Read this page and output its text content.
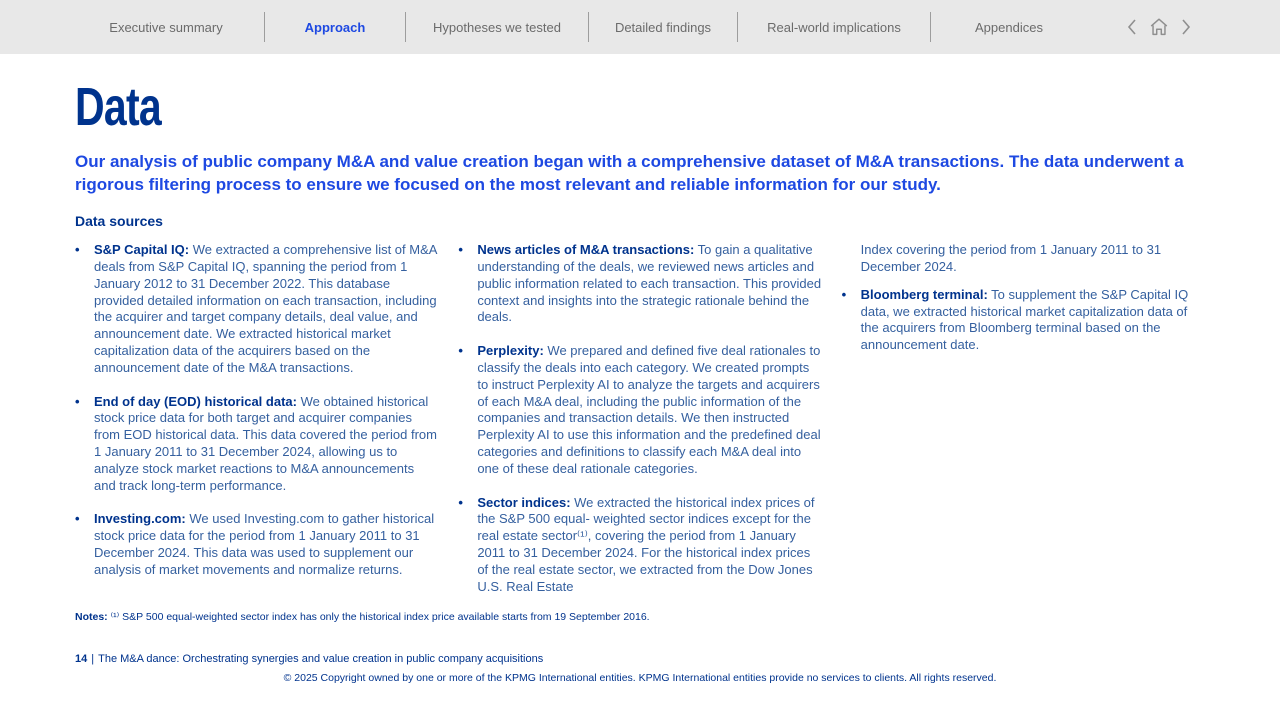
Executive summary	Approach	Hypotheses we tested	Detailed findings	Real-world implications	Appendices
Data

Our analysis of public company M&A and value creation began with a comprehensive dataset of M&A transactions. The data underwent a rigorous filtering process to ensure we focused on the most relevant and reliable information for our study.

Data sources
•
S&P Capital IQ: We extracted a comprehensive list of M&A deals from S&P Capital IQ, spanning the period from 1 January 2012 to 31 December 2022. This database provided detailed information on each transaction, including the acquirer and target company details, deal value, and announcement date. We extracted historical market capitalization data of the acquirers based on the announcement date of the M&A transactions.
•
End of day (EOD) historical data: We obtained historical stock price data for both target and acquirer companies from EOD historical data. This data covered the period from 1 January 2011 to 31 December 2024, allowing us to analyze stock market reactions to M&A announcements and track long-term performance.
•
Investing.com: We used Investing.com to gather historical stock price data for the period from 1 January 2011 to 31 December 2024. This data was used to supplement our analysis of market movements and normalize returns.
•
News articles of M&A transactions: To gain a qualitative understanding of the deals, we reviewed news articles and public information related to each transaction. This provided context and insights into the strategic rationale behind the deals.
•
Perplexity: We prepared and defined five deal rationales to classify the deals into each category. We created prompts to instruct Perplexity AI to analyze the targets and acquirers of each M&A deal, including the public information of the companies and transaction details. We then instructed Perplexity AI to use this information and the predefined deal categories and definitions to classify each M&A deal into one of these deal rationale categories.
•
Sector indices: We extracted the historical index prices of the S&P 500 equal- weighted sector indices except for the real estate sector⁽¹⁾, covering the period from 1 January 2011 to 31 December 2024. For the historical index prices of the real estate sector, we extracted from the Dow Jones U.S. Real Estate

Index covering the period from 1 January 2011 to 31 December 2024.

•
Bloomberg terminal: To supplement the S&P Capital IQ data, we extracted historical market capitalization data of the acquirers from Bloomberg terminal based on the announcement date.

Notes: ⁽¹⁾ S&P 500 equal-weighted sector index has only the historical index price available starts from 19 September 2016.

14 | The M&A dance: Orchestrating synergies and value creation in public company acquisitions

© 2025 Copyright owned by one or more of the KPMG International entities. KPMG International entities provide no services to clients. All rights reserved.
